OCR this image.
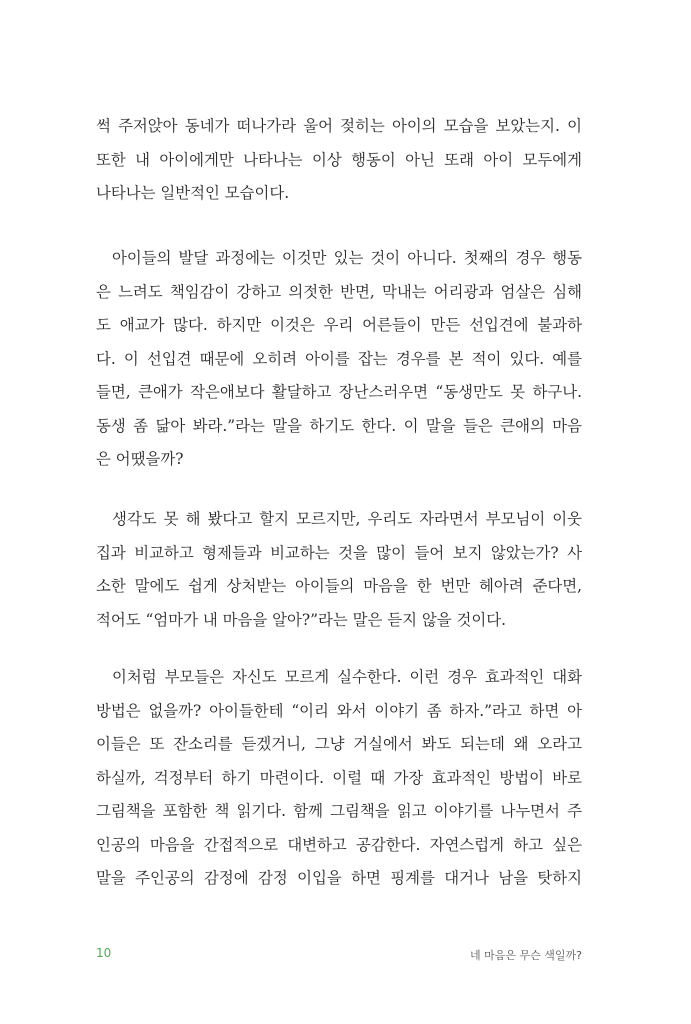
썩 주저앉아 동네가 떠나가라 울어 젖히는 아이의 모습을 보았는지. 이
또한 내 아이에게만 나타나는 이상 행동이 아닌 또래 아이 모두에게
나타나는 일반적인 모습이다.
아이들의 발달 과정에는 이것만 있는 것이 아니다. 첫째의 경우 행동
은 느려도 책임감이 강하고 의젓한 반면, 막내는 어리광과 엄살은 심해
도 애교가 많다. 하지만 이것은 우리 어른들이 만든 선입견에 불과하
다. 이 선입견 때문에 오히려 아이를 잡는 경우를 본 적이 있다. 예를
들면, 큰애가 작은애보다 활달하고 장난스러우면 “동생만도 못 하구나.
동생 좀 닮아 봐라.”라는 말을 하기도 한다. 이 말을 들은 큰애의 마음
은 어땠을까?
생각도 못 해 봤다고 할지 모르지만, 우리도 자라면서 부모님이 이웃
집과 비교하고 형제들과 비교하는 것을 많이 들어 보지 않았는가? 사
소한 말에도 쉽게 상처받는 아이들의 마음을 한 번만 헤아려 준다면,
적어도 “엄마가 내 마음을 알아?”라는 말은 듣지 않을 것이다.
이처럼 부모들은 자신도 모르게 실수한다. 이런 경우 효과적인 대화
방법은 없을까? 아이들한테 “이리 와서 이야기 좀 하자.”라고 하면 아
이들은 또 잔소리를 듣겠거니, 그냥 거실에서 봐도 되는데 왜 오라고
하실까, 걱정부터 하기 마련이다. 이럴 때 가장 효과적인 방법이 바로
그림책을 포함한 책 읽기다. 함께 그림책을 읽고 이야기를 나누면서 주
인공의 마음을 간접적으로 대변하고 공감한다. 자연스럽게 하고 싶은
말을 주인공의 감정에 감정 이입을 하면 핑계를 대거나 남을 탓하지
10	네 마음은 무슨 색일까?
